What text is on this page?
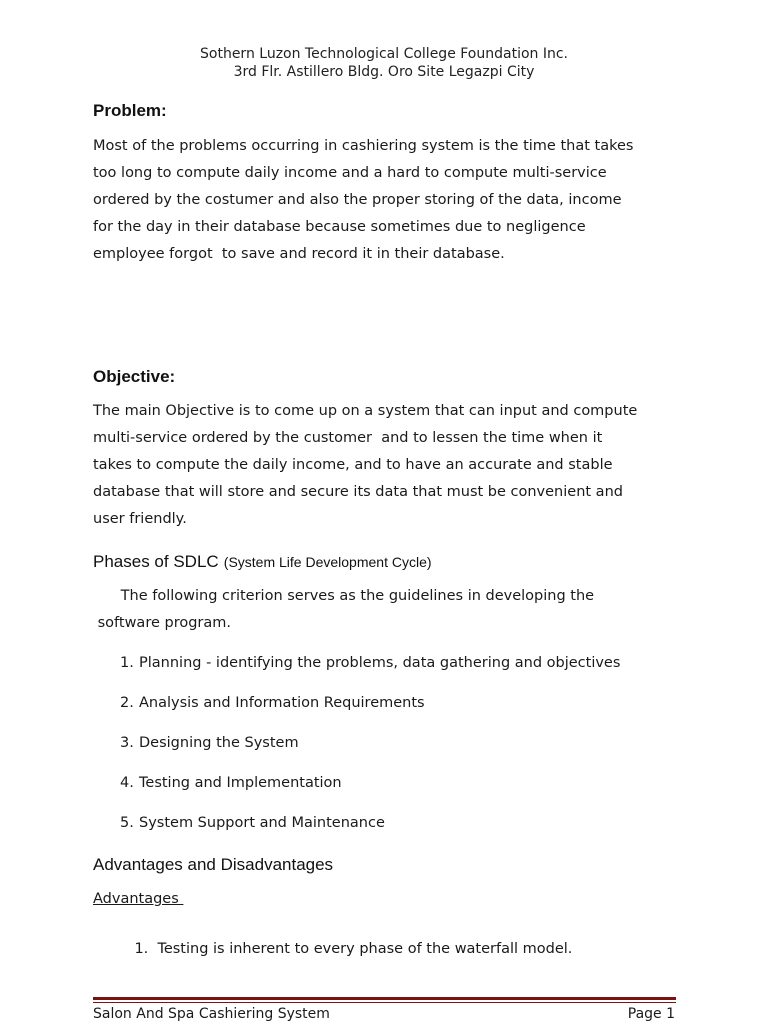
Sothern Luzon Technological College Foundation Inc.
3rd Flr. Astillero Bldg. Oro Site Legazpi City
Problem:
Most of the problems occurring in cashiering system is the time that takes
too long to compute daily income and a hard to compute multi-service
ordered by the costumer and also the proper storing of the data, income
for the day in their database because sometimes due to negligence
employee forgot  to save and record it in their database.
Objective:
The main Objective is to come up on a system that can input and compute
multi-service ordered by the customer  and to lessen the time when it
takes to compute the daily income, and to have an accurate and stable
database that will store and secure its data that must be convenient and
user friendly.
Phases of SDLC (System Life Development Cycle)
The following criterion serves as the guidelines in developing the
software program.
1. Planning - identifying the problems, data gathering and objectives
2. Analysis and Information Requirements
3. Designing the System
4. Testing and Implementation
5. System Support and Maintenance
Advantages and Disadvantages
Advantages

1. Testing is inherent to every phase of the waterfall model.

Salon And Spa Cashiering System	Page 1
